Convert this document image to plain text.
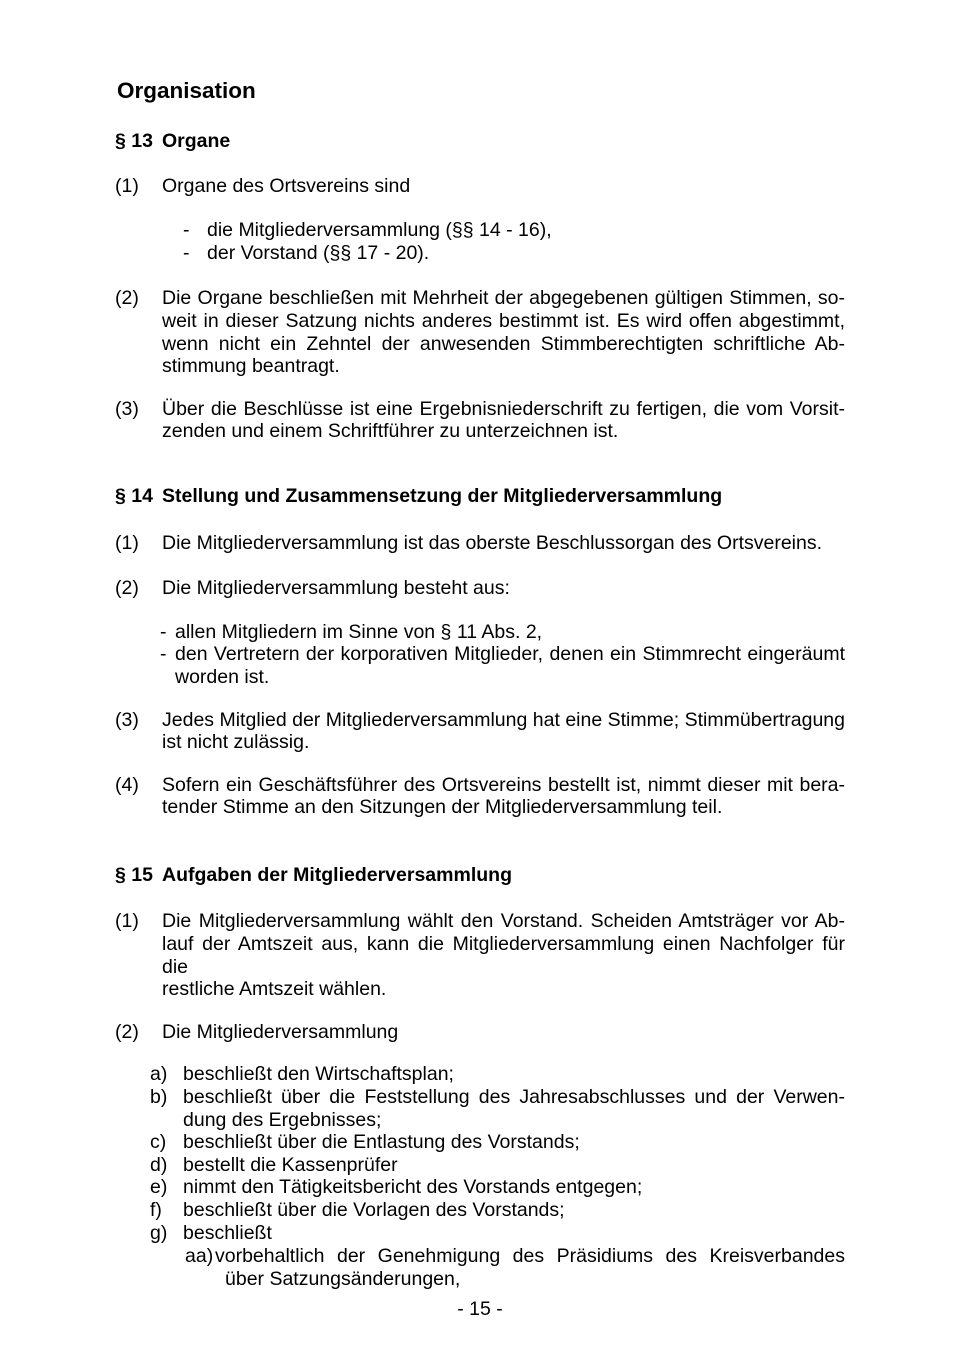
Organisation
§ 13 Organe
(1)	Organe des Ortsvereins sind
- die Mitgliederversammlung (§§ 14 - 16),
- der Vorstand (§§ 17 - 20).
(2)	Die Organe beschließen mit Mehrheit der abgegebenen gültigen Stimmen, so-
weit in dieser Satzung nichts anderes bestimmt ist. Es wird offen abgestimmt,
wenn nicht ein Zehntel der anwesenden Stimmberechtigten schriftliche Ab-
stimmung beantragt.
(3)	Über die Beschlüsse ist eine Ergebnisniederschrift zu fertigen, die vom Vorsit-
zenden und einem Schriftführer zu unterzeichnen ist.
§ 14 Stellung und Zusammensetzung der Mitgliederversammlung
(1)	Die Mitgliederversammlung ist das oberste Beschlussorgan des Ortsvereins.
(2)	Die Mitgliederversammlung besteht aus:
- allen Mitgliedern im Sinne von § 11 Abs. 2,
- den Vertretern der korporativen Mitglieder, denen ein Stimmrecht eingeräumt
worden ist.
(3)	Jedes Mitglied der Mitgliederversammlung hat eine Stimme; Stimmübertragung
ist nicht zulässig.
(4)	Sofern ein Geschäftsführer des Ortsvereins bestellt ist, nimmt dieser mit bera-
tender Stimme an den Sitzungen der Mitgliederversammlung teil.
§ 15 Aufgaben der Mitgliederversammlung
(1)	Die Mitgliederversammlung wählt den Vorstand. Scheiden Amtsträger vor Ab-
lauf der Amtszeit aus, kann die Mitgliederversammlung einen Nachfolger für die
restliche Amtszeit wählen.
(2)	Die Mitgliederversammlung
a) beschließt den Wirtschaftsplan;
b) beschließt über die Feststellung des Jahresabschlusses und der Verwen-
dung des Ergebnisses;
c) beschließt über die Entlastung des Vorstands;
d) bestellt die Kassenprüfer
e) nimmt den Tätigkeitsbericht des Vorstands entgegen;
f)	beschließt über die Vorlagen des Vorstands;
g) beschließt
aa) vorbehaltlich der Genehmigung des Präsidiums des Kreisverbandes
über Satzungsänderungen,
- 15 -
